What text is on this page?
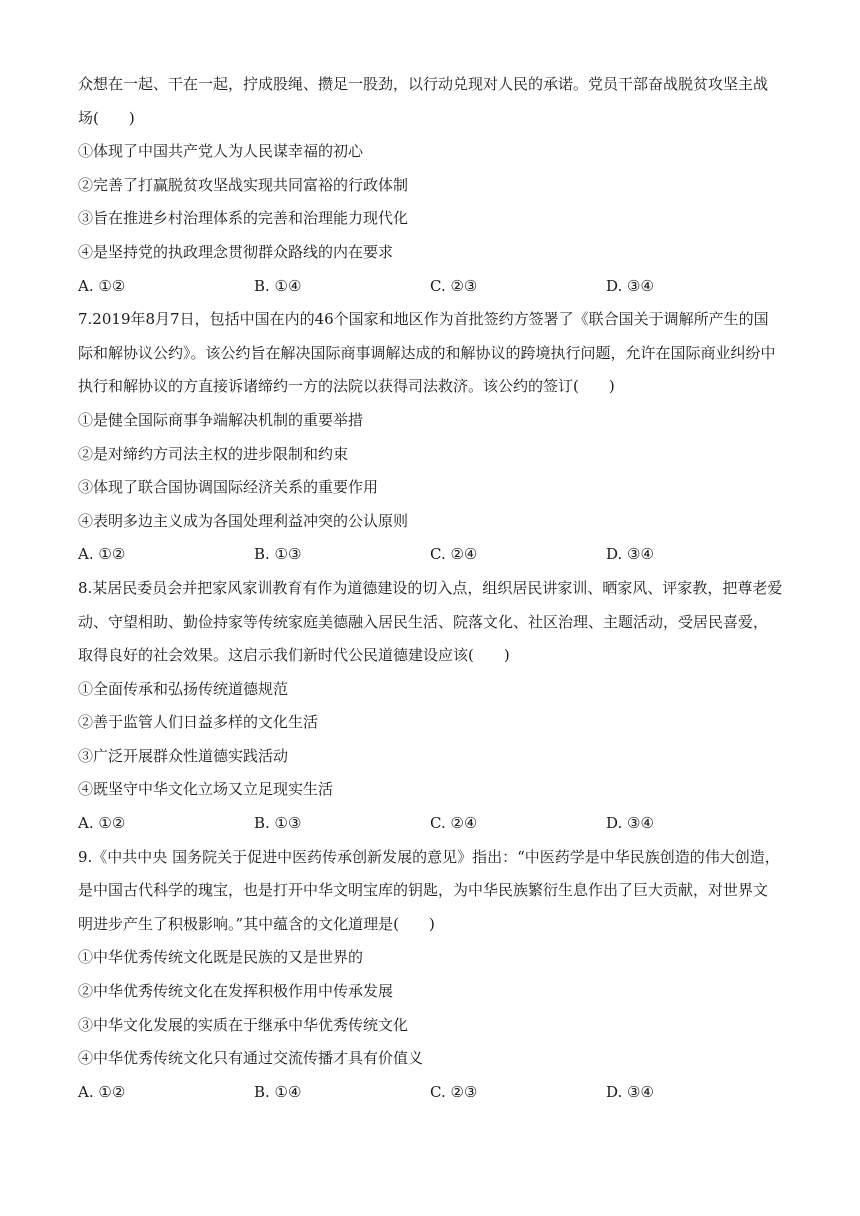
众想在一起、干在一起，拧成股绳、攒足一股劲，以行动兑现对人民的承诺。党员干部奋战脱贫攻坚主战
场(　　)
①体现了中国共产党人为人民谋幸福的初心
②完善了打赢脱贫攻坚战实现共同富裕的行政体制
③旨在推进乡村治理体系的完善和治理能力现代化
④是坚持党的执政理念贯彻群众路线的内在要求
A. ①②	B. ①④	C. ②③	D. ③④
7.2019年8月7日，包括中国在内的46个国家和地区作为首批签约方签署了《联合国关于调解所产生的国
际和解协议公约》。该公约旨在解决国际商事调解达成的和解协议的跨境执行问题，允许在国际商业纠纷中
执行和解协议的方直接诉诸缔约一方的法院以获得司法救济。该公约的签订(　　)
①是健全国际商事争端解决机制的重要举措
②是对缔约方司法主权的进步限制和约束
③体现了联合国协调国际经济关系的重要作用
④表明多边主义成为各国处理利益冲突的公认原则
A. ①②	B. ①③	C. ②④	D. ③④
8.某居民委员会并把家风家训教育有作为道德建设的切入点，组织居民讲家训、晒家风、评家教，把尊老爱
动、守望相助、勤俭持家等传统家庭美德融入居民生活、院落文化、社区治理、主题活动，受居民喜爱，
取得良好的社会效果。这启示我们新时代公民道德建设应该(　　)
①全面传承和弘扬传统道德规范
②善于监管人们日益多样的文化生活
③广泛开展群众性道德实践活动
④既坚守中华文化立场又立足现实生活
A. ①②	B. ①③	C. ②④	D. ③④
9.《中共中央 国务院关于促进中医药传承创新发展的意见》指出：“中医药学是中华民族创造的伟大创造，
是中国古代科学的瑰宝，也是打开中华文明宝库的钥匙，为中华民族繁衍生息作出了巨大贡献，对世界文
明进步产生了积极影响。”其中蕴含的文化道理是(　　)
①中华优秀传统文化既是民族的又是世界的
②中华优秀传统文化在发挥积极作用中传承发展
③中华文化发展的实质在于继承中华优秀传统文化
④中华优秀传统文化只有通过交流传播才具有价值义
A. ①②	B. ①④	C. ②③	D. ③④
